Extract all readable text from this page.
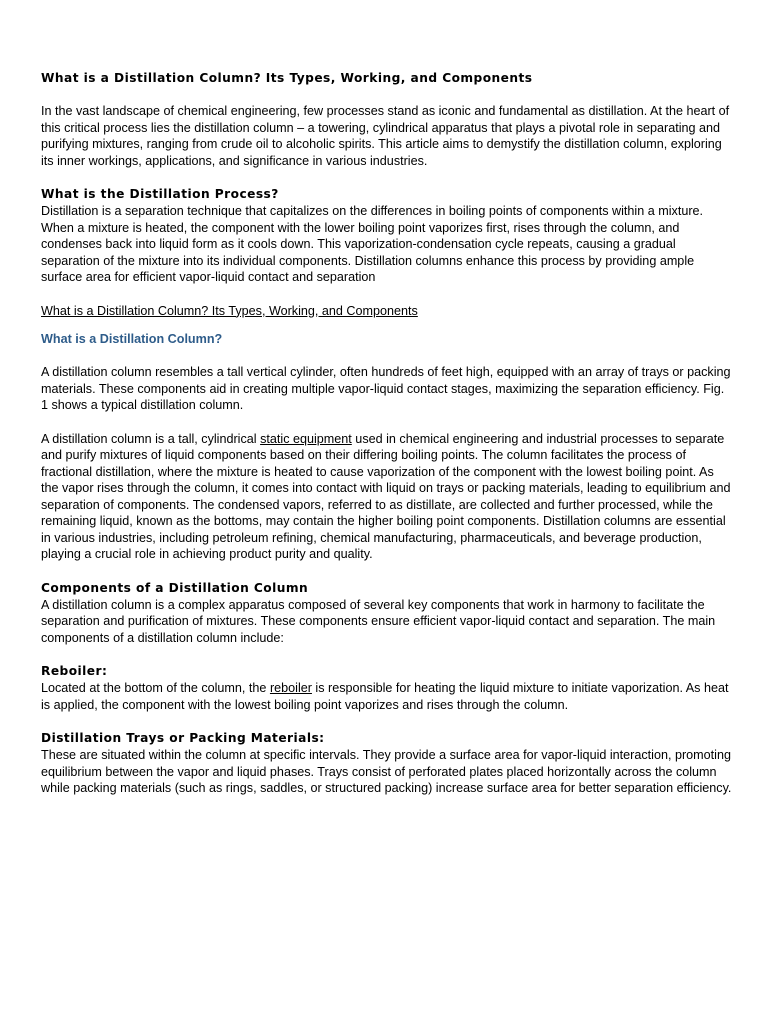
What is a Distillation Column? Its Types, Working, and Components

In the vast landscape of chemical engineering, few processes stand as iconic and fundamental as distillation. At the heart of this critical process lies the distillation column – a towering, cylindrical apparatus that plays a pivotal role in separating and purifying mixtures, ranging from crude oil to alcoholic spirits. This article aims to demystify the distillation column, exploring its inner workings, applications, and significance in various industries.

What is the Distillation Process?

Distillation is a separation technique that capitalizes on the differences in boiling points of components within a mixture. When a mixture is heated, the component with the lower boiling point vaporizes first, rises through the column, and condenses back into liquid form as it cools down. This vaporization-condensation cycle repeats, causing a gradual separation of the mixture into its individual components. Distillation columns enhance this process by providing ample surface area for efficient vapor-liquid contact and separation

What is a Distillation Column? Its Types, Working, and Components

What is a Distillation Column?

A distillation column resembles a tall vertical cylinder, often hundreds of feet high, equipped with an array of trays or packing materials. These components aid in creating multiple vapor-liquid contact stages, maximizing the separation efficiency. Fig. 1 shows a typical distillation column.

A distillation column is a tall, cylindrical static equipment used in chemical engineering and industrial processes to separate and purify mixtures of liquid components based on their differing boiling points. The column facilitates the process of fractional distillation, where the mixture is heated to cause vaporization of the component with the lowest boiling point. As the vapor rises through the column, it comes into contact with liquid on trays or packing materials, leading to equilibrium and separation of components. The condensed vapors, referred to as distillate, are collected and further processed, while the remaining liquid, known as the bottoms, may contain the higher boiling point components. Distillation columns are essential in various industries, including petroleum refining, chemical manufacturing, pharmaceuticals, and beverage production, playing a crucial role in achieving product purity and quality.

Components of a Distillation Column

A distillation column is a complex apparatus composed of several key components that work in harmony to facilitate the separation and purification of mixtures. These components ensure efficient vapor-liquid contact and separation. The main components of a distillation column include:

Reboiler:

Located at the bottom of the column, the reboiler is responsible for heating the liquid mixture to initiate vaporization. As heat is applied, the component with the lowest boiling point vaporizes and rises through the column.

Distillation Trays or Packing Materials:

These are situated within the column at specific intervals. They provide a surface area for vapor-liquid interaction, promoting equilibrium between the vapor and liquid phases. Trays consist of perforated plates placed horizontally across the column while packing materials (such as rings, saddles, or structured packing) increase surface area for better separation efficiency.
